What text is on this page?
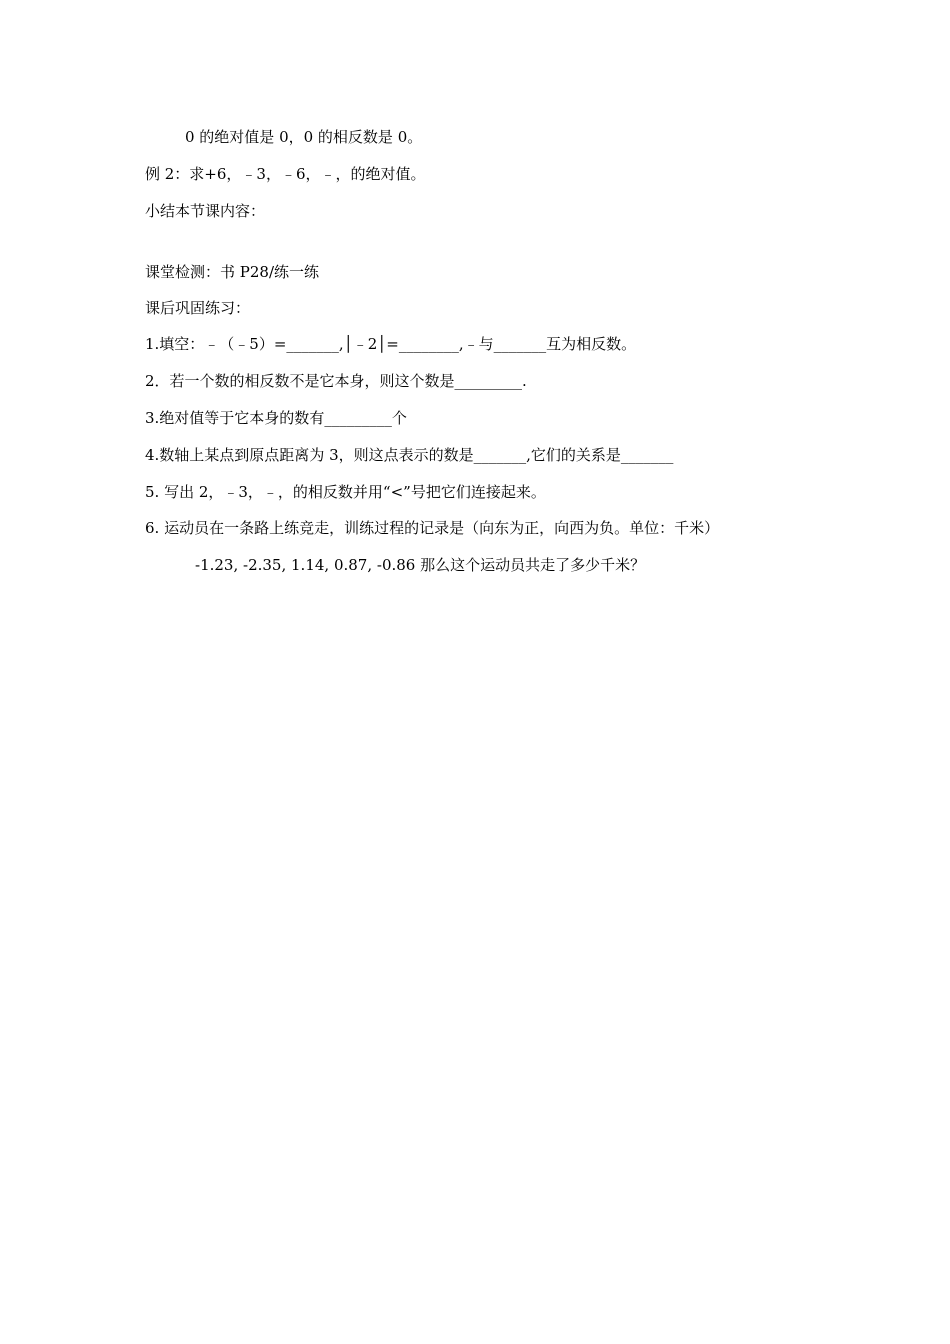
0 的绝对值是 0，0 的相反数是 0。
例 2：求+6，﹣3，﹣6，﹣，的绝对值。
小结本节课内容：
课堂检测：书 P28/练一练
课后巩固练习：
1.填空：﹣（﹣5）=_______,│﹣2│=________,﹣与_______互为相反数。
2．若一个数的相反数不是它本身，则这个数是_________.
3.绝对值等于它本身的数有_________个
4.数轴上某点到原点距离为 3，则这点表示的数是_______,它们的关系是_______
5. 写出 2，﹣3，﹣，的相反数并用“<”号把它们连接起来。
6. 运动员在一条路上练竞走，训练过程的记录是（向东为正，向西为负。单位：千米）
-1.23, -2.35, 1.14, 0.87, -0.86 那么这个运动员共走了多少千米？
